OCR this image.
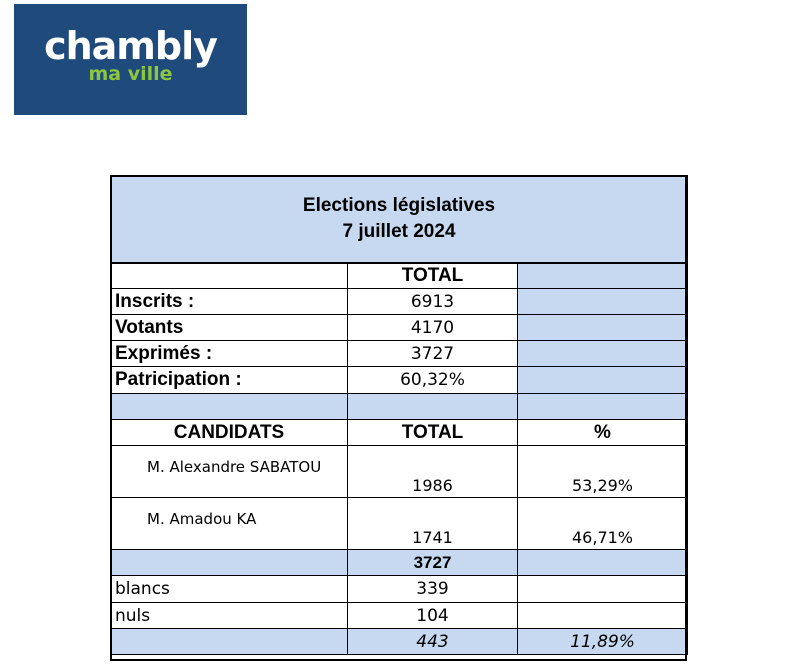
chambly
ma ville
Elections législatives
7 juillet 2024		

	TOTAL	
Inscrits :	6913	
Votants	4170	
Exprimés :	3727	
Patricipation :	60,32%	

CANDIDATS	TOTAL	%
M. Alexandre SABATOU	1986	53,29%
M. Amadou KA	1741	46,71%
	3727	
blancs	339	
nuls	104	
	443	11,89%
